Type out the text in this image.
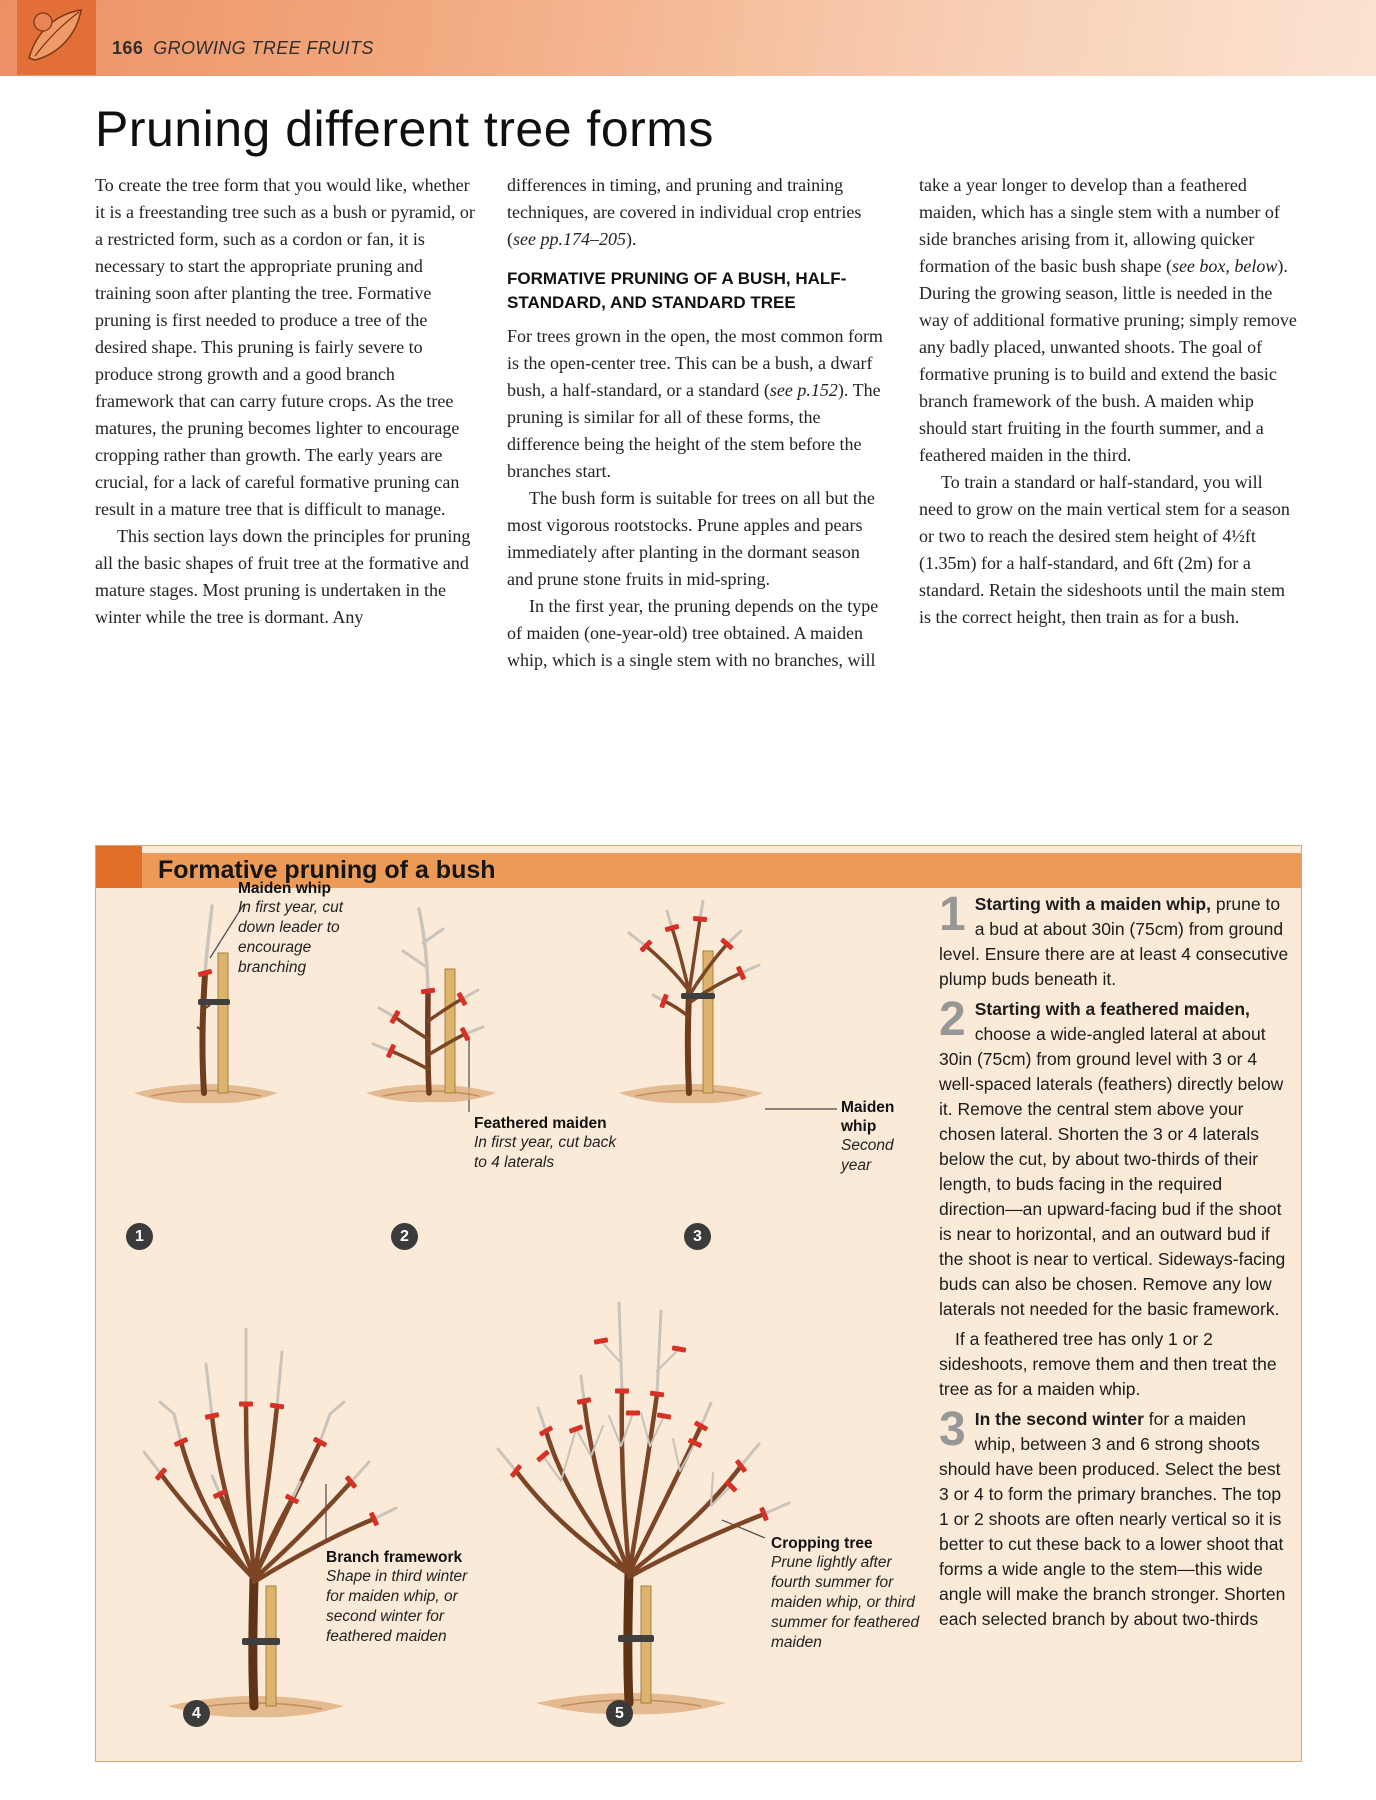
166 GROWING TREE FRUITS
Pruning different tree forms

To create the tree form that you would like, whether it is a freestanding tree such as a bush or pyramid, or a restricted form, such as a cordon or fan, it is necessary to start the appropriate pruning and training soon after planting the tree. Formative pruning is first needed to produce a tree of the desired shape. This pruning is fairly severe to produce strong growth and a good branch framework that can carry future crops. As the tree matures, the pruning becomes lighter to encourage cropping rather than growth. The early years are crucial, for a lack of careful formative pruning can result in a mature tree that is difficult to manage.

This section lays down the principles for pruning all the basic shapes of fruit tree at the formative and mature stages. Most pruning is undertaken in the winter while the tree is dormant. Any

differences in timing, and pruning and training techniques, are covered in individual crop entries (see pp.174–205).

FORMATIVE PRUNING OF A BUSH, HALF-STANDARD, AND STANDARD TREE

For trees grown in the open, the most common form is the open-center tree. This can be a bush, a dwarf bush, a half-standard, or a standard (see p.152). The pruning is similar for all of these forms, the difference being the height of the stem before the branches start.

The bush form is suitable for trees on all but the most vigorous rootstocks. Prune apples and pears immediately after planting in the dormant season and prune stone fruits in mid-spring.

In the first year, the pruning depends on the type of maiden (one-year-old) tree obtained. A maiden whip, which is a single stem with no branches, will

take a year longer to develop than a feathered maiden, which has a single stem with a number of side branches arising from it, allowing quicker formation of the basic bush shape (see box, below). During the growing season, little is needed in the way of additional formative pruning; simply remove any badly placed, unwanted shoots. The goal of formative pruning is to build and extend the basic branch framework of the bush. A maiden whip should start fruiting in the fourth summer, and a feathered maiden in the third.

To train a standard or half-standard, you will need to grow on the main vertical stem for a season or two to reach the desired stem height of 4½ft (1.35m) for a half-standard, and 6ft (2m) for a standard. Retain the sideshoots until the main stem is the correct height, then train as for a bush.

Formative pruning of a bush
Maiden whip
In first year, cut down leader to encourage branching
Feathered maiden
In first year, cut back to 4 laterals
Maiden whip
Second year
Branch framework
Shape in third winter for maiden whip, or second winter for feathered maiden
Cropping tree
Prune lightly after fourth summer for maiden whip, or third summer for feathered maiden
1	2	3
4	5

1 Starting with a maiden whip, prune to a bud at about 30in (75cm) from ground level. Ensure there are at least 4 consecutive plump buds beneath it.

2 Starting with a feathered maiden, choose a wide-angled lateral at about 30in (75cm) from ground level with 3 or 4 well-spaced laterals (feathers) directly below it. Remove the central stem above your chosen lateral. Shorten the 3 or 4 laterals below the cut, by about two-thirds of their length, to buds facing in the required direction—an upward-facing bud if the shoot is near to horizontal, and an outward bud if the shoot is near to vertical. Sideways-facing buds can also be chosen. Remove any low laterals not needed for the basic framework.

If a feathered tree has only 1 or 2 sideshoots, remove them and then treat the tree as for a maiden whip.

3 In the second winter for a maiden whip, between 3 and 6 strong shoots should have been produced. Select the best 3 or 4 to form the primary branches. The top 1 or 2 shoots are often nearly vertical so it is better to cut these back to a lower shoot that forms a wide angle to the stem—this wide angle will make the branch stronger. Shorten each selected branch by about two-thirds
